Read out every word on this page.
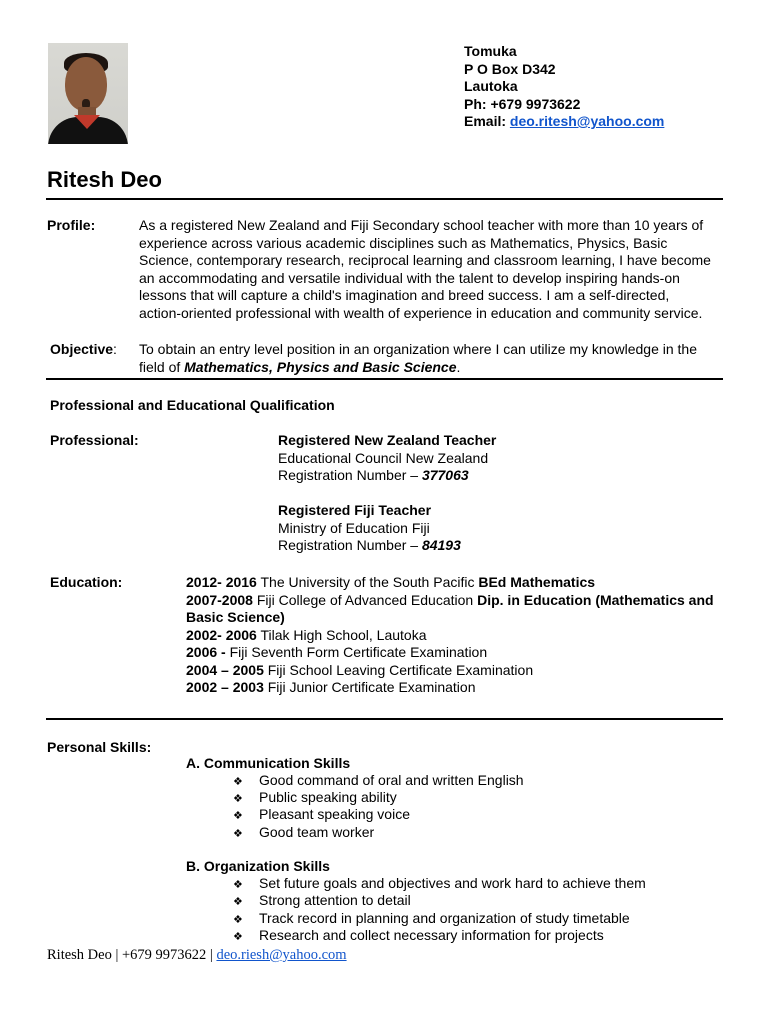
Tomuka
P O Box D342
Lautoka
Ph: +679 9973622
Email: deo.ritesh@yahoo.com
Ritesh Deo
Profile:	As a registered New Zealand and Fiji Secondary school teacher with more than 10 years of
experience across various academic disciplines such as Mathematics, Physics, Basic
Science, contemporary research, reciprocal learning and classroom learning, I have become
an accommodating and versatile individual with the talent to develop inspiring hands-on
lessons that will capture a child's imagination and breed success. I am a self-directed,
action-oriented professional with wealth of experience in education and community service.
Objective: To obtain an entry level position in an organization where I can utilize my knowledge in the
field of Mathematics, Physics and Basic Science.
Professional and Educational Qualification
Professional:	Registered New Zealand Teacher
Educational Council New Zealand
Registration Number – 377063
Registered Fiji Teacher
Ministry of Education Fiji
Registration Number – 84193
Education:	2012- 2016 The University of the South Pacific BEd Mathematics
2007-2008 Fiji College of Advanced Education Dip. in Education (Mathematics and
Basic Science)
2002- 2006 Tilak High School, Lautoka
2006 - Fiji Seventh Form Certificate Examination
2004 – 2005 Fiji School Leaving Certificate Examination
2002 – 2003 Fiji Junior Certificate Examination
Personal Skills:
A. Communication Skills
❖ Good command of oral and written English
❖ Public speaking ability
❖ Pleasant speaking voice
❖ Good team worker
B. Organization Skills
❖ Set future goals and objectives and work hard to achieve them
❖ Strong attention to detail
❖ Track record in planning and organization of study timetable
❖ Research and collect necessary information for projects
Ritesh Deo | +679 9973622 | deo.riesh@yahoo.com
